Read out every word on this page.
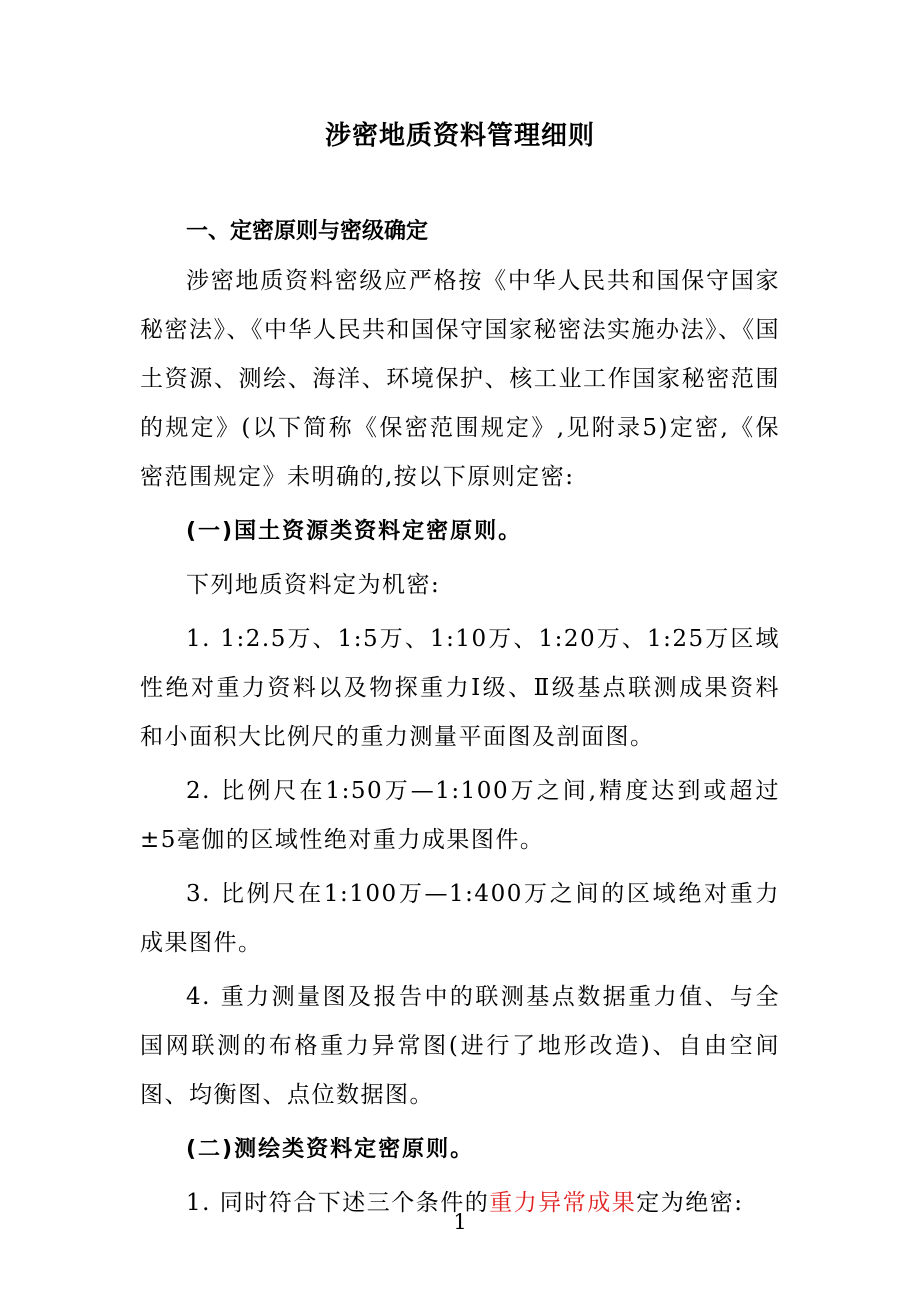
涉密地质资料管理细则

一、定密原则与密级确定

涉密地质资料密级应严格按《中华人民共和国保守国家秘密法》、《中华人民共和国保守国家秘密法实施办法》、《国土资源、测绘、海洋、环境保护、核工业工作国家秘密范围的规定》(以下简称《保密范围规定》,见附录5)定密,《保密范围规定》未明确的,按以下原则定密:

(一)国土资源类资料定密原则。

下列地质资料定为机密:

1. 1:2.5万、1:5万、1:10万、1:20万、1:25万区域性绝对重力资料以及物探重力Ⅰ级、Ⅱ级基点联测成果资料和小面积大比例尺的重力测量平面图及剖面图。

2. 比例尺在1:50万—1:100万之间,精度达到或超过±5毫伽的区域性绝对重力成果图件。

3. 比例尺在1:100万—1:400万之间的区域绝对重力成果图件。

4. 重力测量图及报告中的联测基点数据重力值、与全国网联测的布格重力异常图(进行了地形改造)、自由空间图、均衡图、点位数据图。

(二)测绘类资料定密原则。

1. 同时符合下述三个条件的重力异常成果定为绝密:

1
